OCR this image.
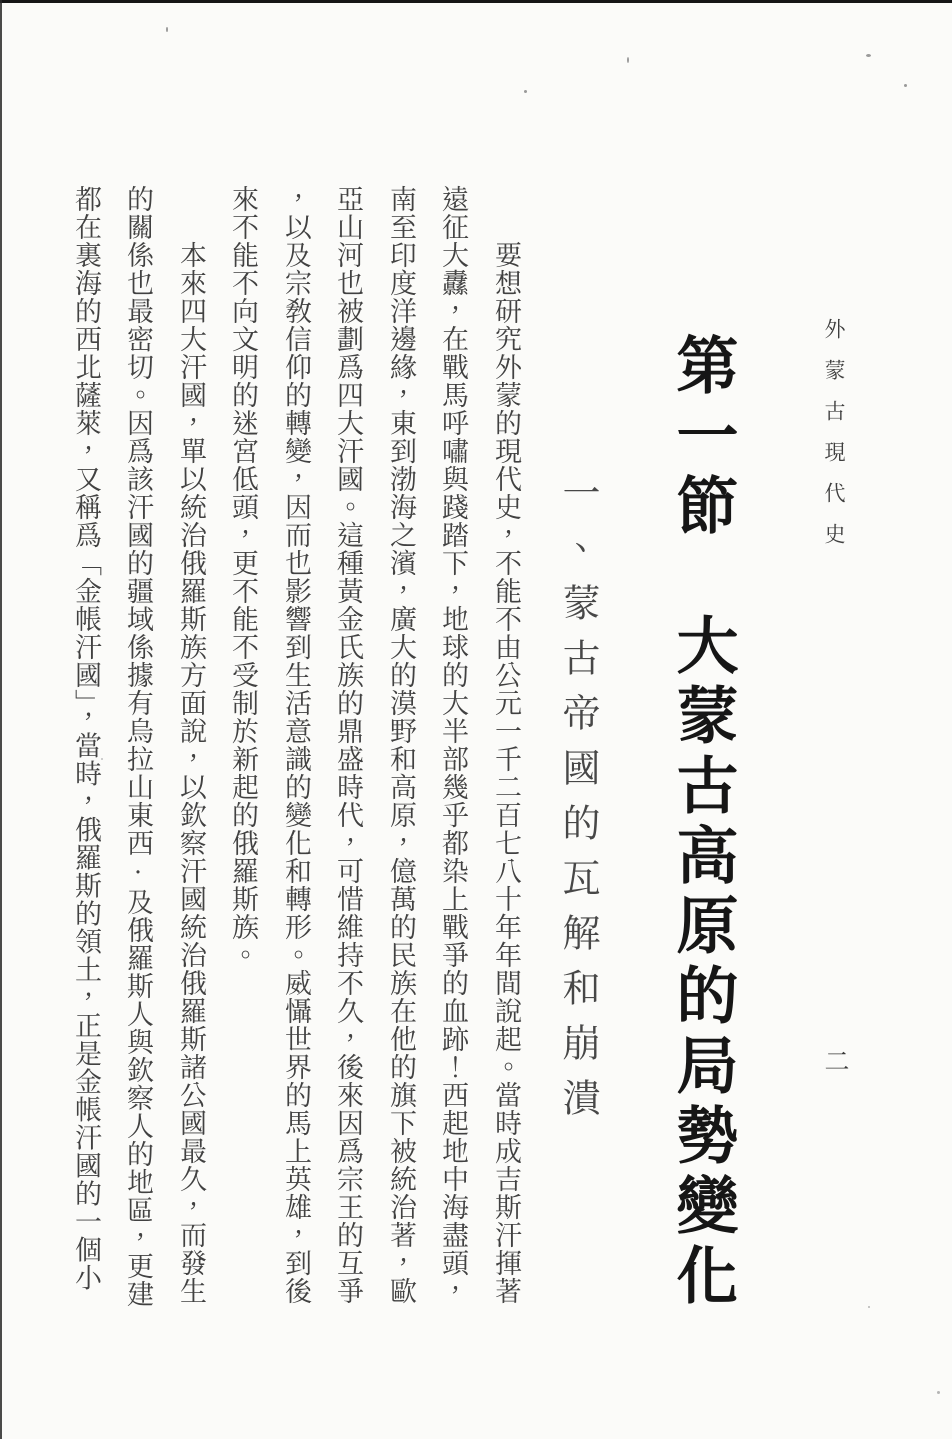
外蒙古現代史
二
第一節　大蒙古高原的局勢變化
一、蒙古帝國的瓦解和崩潰
要想研究外蒙的現代史，不能不由公元一千二百七八十年年間說起。當時成吉斯汗揮著
遠征大纛，在戰馬呼嘯與踐踏下，地球的大半部幾乎都染上戰爭的血跡！西起地中海盡頭，
南至印度洋邊緣，東到渤海之濱，廣大的漠野和高原，億萬的民族在他的旗下被統治著，歐
亞山河也被劃爲四大汗國。這種黃金氏族的鼎盛時代，可惜維持不久，後來因爲宗王的互爭
，以及宗敎信仰的轉變，因而也影響到生活意識的變化和轉形。威懾世界的馬上英雄，到後
來不能不向文明的迷宮低頭，更不能不受制於新起的俄羅斯族。
本來四大汗國，單以統治俄羅斯族方面說，以欽察汗國統治俄羅斯諸公國最久，而發生
的關係也最密切。因爲該汗國的疆域係據有烏拉山東西·及俄羅斯人與欽察人的地區，更建
都在裏海的西北薩萊，又稱爲「金帳汗國」，當時，俄羅斯的領土，正是金帳汗國的一個小
